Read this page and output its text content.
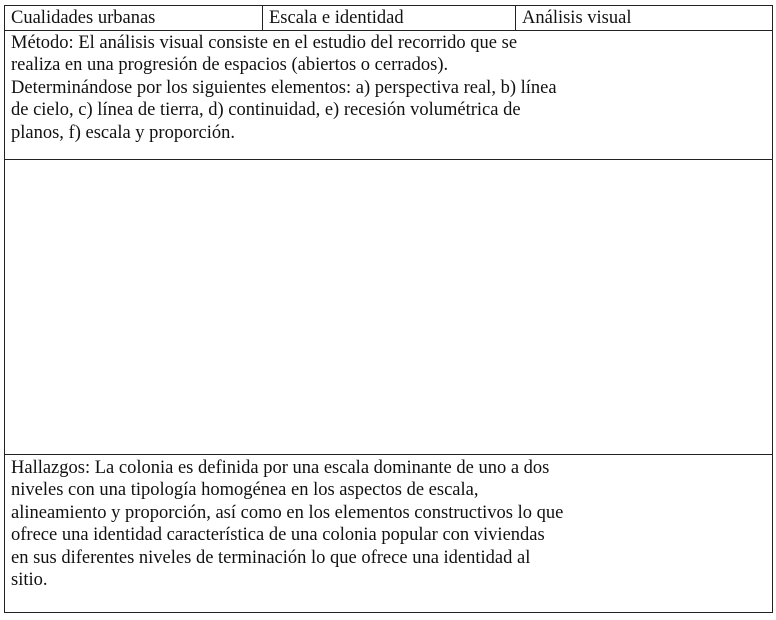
Cualidades urbanas	Escala e identidad	Análisis visual

Método: El análisis visual consiste en el estudio del recorrido que se
realiza en una progresión de espacios (abiertos o cerrados).
Determinándose por los siguientes elementos: a) perspectiva real, b) línea
de cielo, c) línea de tierra, d) continuidad, e) recesión volumétrica de
planos, f) escala y proporción.

Hallazgos: La colonia es definida por una escala dominante de uno a dos
niveles con una tipología homogénea en los aspectos de escala,
alineamiento y proporción, así como en los elementos constructivos lo que
ofrece una identidad característica de una colonia popular con viviendas
en sus diferentes niveles de terminación lo que ofrece una identidad al
sitio.
